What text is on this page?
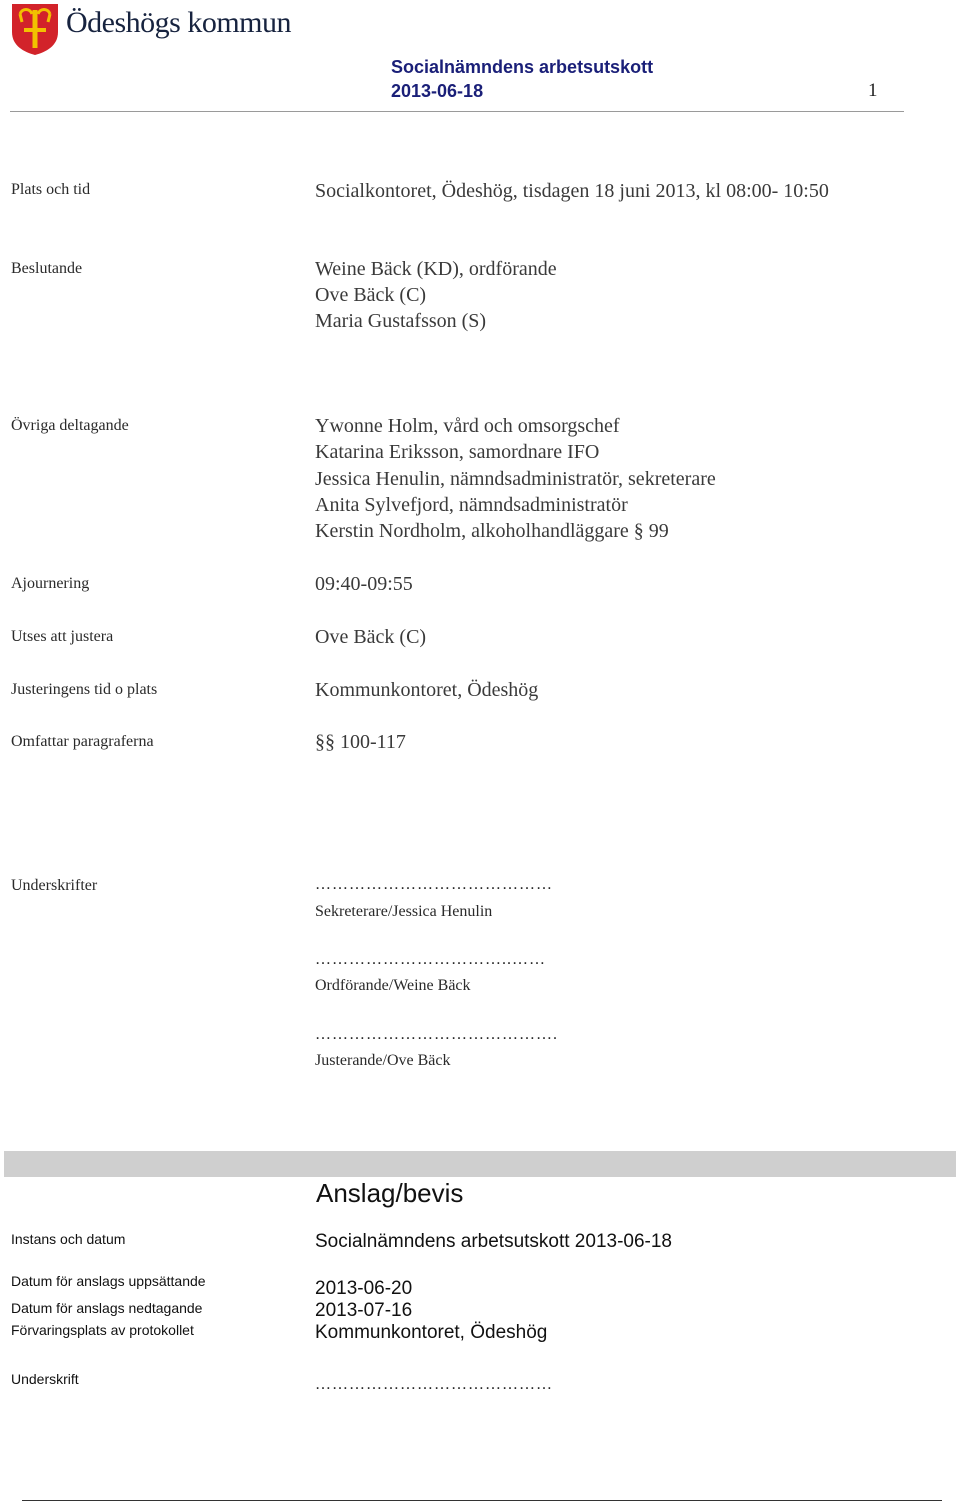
Ödeshögs kommun
Socialnämndens arbetsutskott
2013-06-18	1
Plats och tid	Socialkontoret, Ödeshög, tisdagen 18 juni 2013, kl 08:00- 10:50
Beslutande	Weine Bäck (KD), ordförande
Ove Bäck (C)
Maria Gustafsson (S)
Övriga deltagande	Ywonne Holm, vård och omsorgschef
Katarina Eriksson, samordnare IFO
Jessica Henulin, nämndsadministratör, sekreterare
Anita Sylvefjord, nämndsadministratör
Kerstin Nordholm, alkoholhandläggare § 99
Ajournering	09:40-09:55
Utses att justera	Ove Bäck (C)
Justeringens tid o plats	Kommunkontoret, Ödeshög
Omfattar paragraferna	§§ 100-117
Underskrifter	……………………………………
Sekreterare/Jessica Henulin
……………………………..……
Ordförande/Weine Bäck
…………………………………….
Justerande/Ove Bäck
Anslag/bevis
Instans och datum	Socialnämndens arbetsutskott 2013-06-18
Datum för anslags uppsättande	2013-06-20
Datum för anslags nedtagande	2013-07-16
Förvaringsplats av protokollet	Kommunkontoret, Ödeshög
Underskrift	……………………………………
